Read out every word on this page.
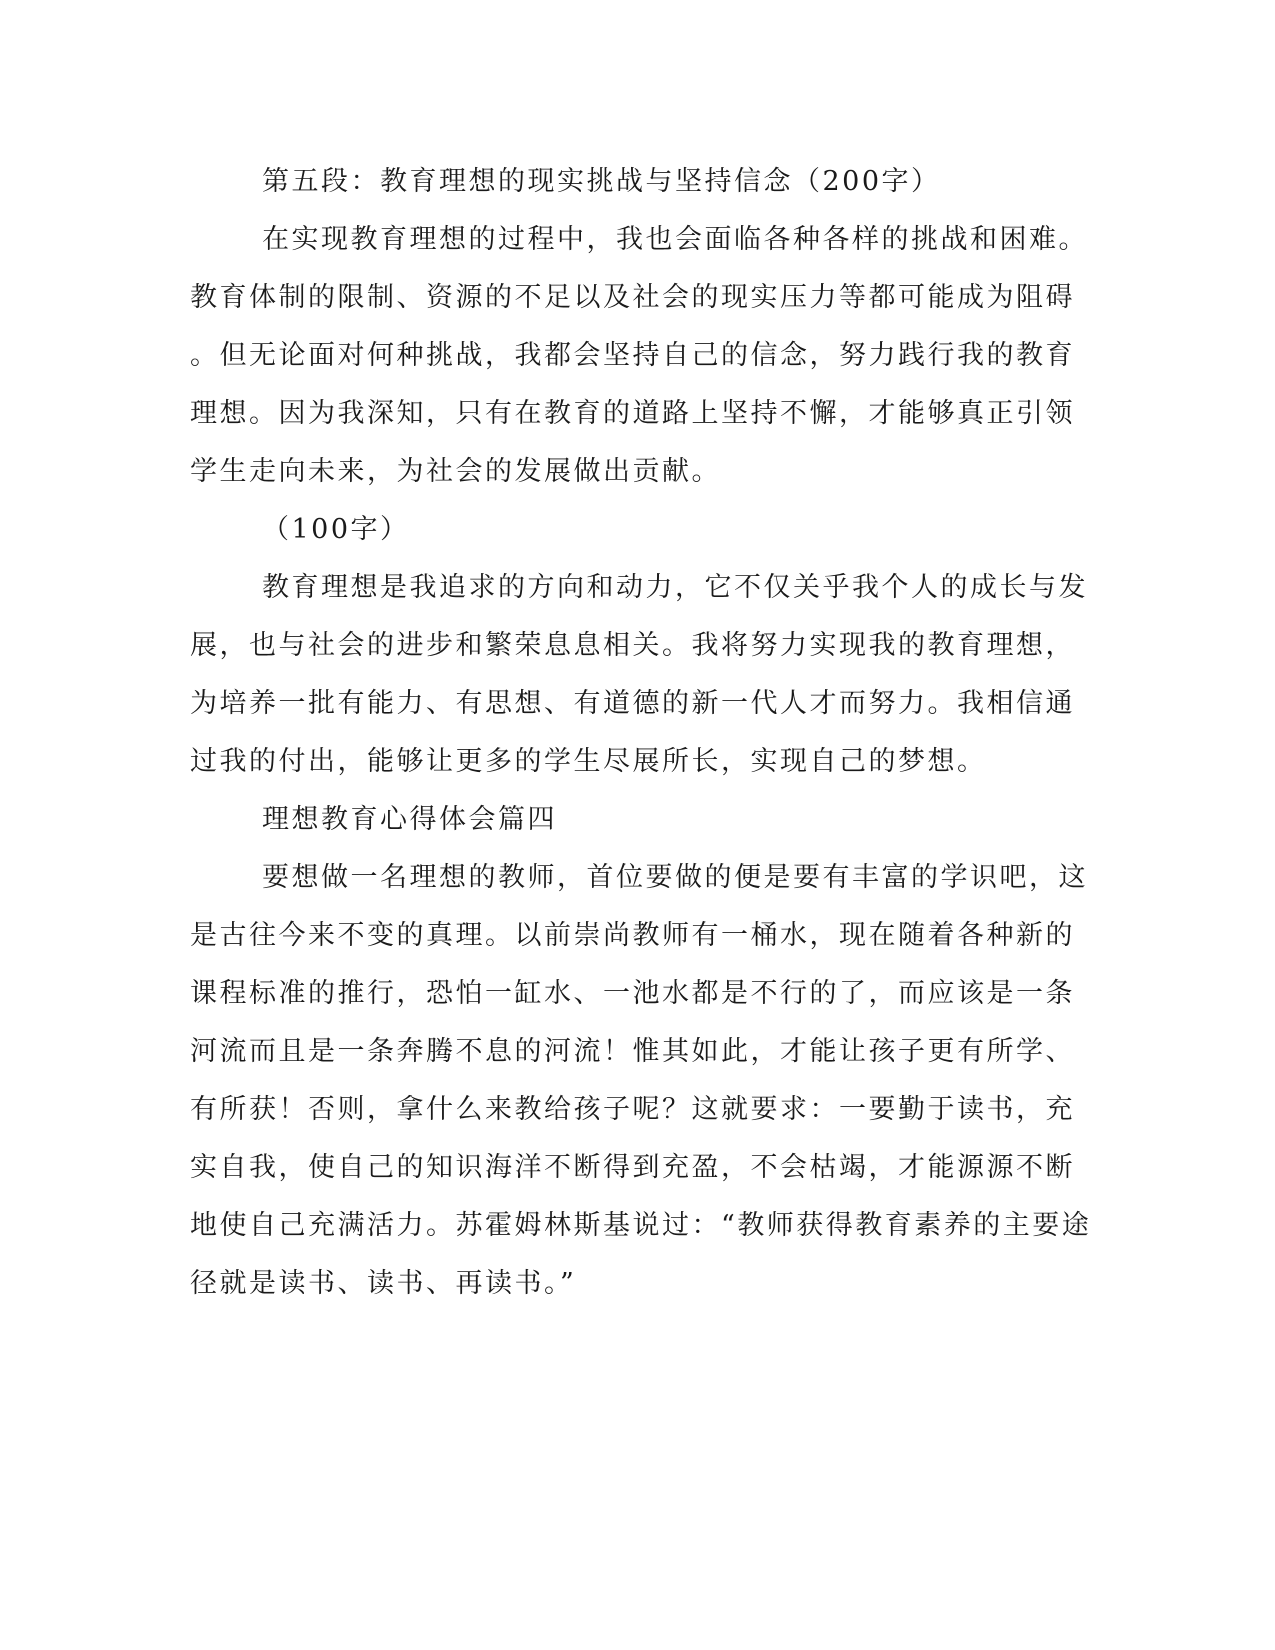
第五段：教育理想的现实挑战与坚持信念（200字）
在实现教育理想的过程中，我也会面临各种各样的挑战和困难。
教育体制的限制、资源的不足以及社会的现实压力等都可能成为阻碍
。但无论面对何种挑战，我都会坚持自己的信念，努力践行我的教育
理想。因为我深知，只有在教育的道路上坚持不懈，才能够真正引领
学生走向未来，为社会的发展做出贡献。
（100字）
教育理想是我追求的方向和动力，它不仅关乎我个人的成长与发
展，也与社会的进步和繁荣息息相关。我将努力实现我的教育理想，
为培养一批有能力、有思想、有道德的新一代人才而努力。我相信通
过我的付出，能够让更多的学生尽展所长，实现自己的梦想。
理想教育心得体会篇四
要想做一名理想的教师，首位要做的便是要有丰富的学识吧，这
是古往今来不变的真理。以前崇尚教师有一桶水，现在随着各种新的
课程标准的推行，恐怕一缸水、一池水都是不行的了，而应该是一条
河流而且是一条奔腾不息的河流！惟其如此，才能让孩子更有所学、
有所获！否则，拿什么来教给孩子呢？这就要求：一要勤于读书，充
实自我，使自己的知识海洋不断得到充盈，不会枯竭，才能源源不断
地使自己充满活力。苏霍姆林斯基说过：“教师获得教育素养的主要途
径就是读书、读书、再读书。”
